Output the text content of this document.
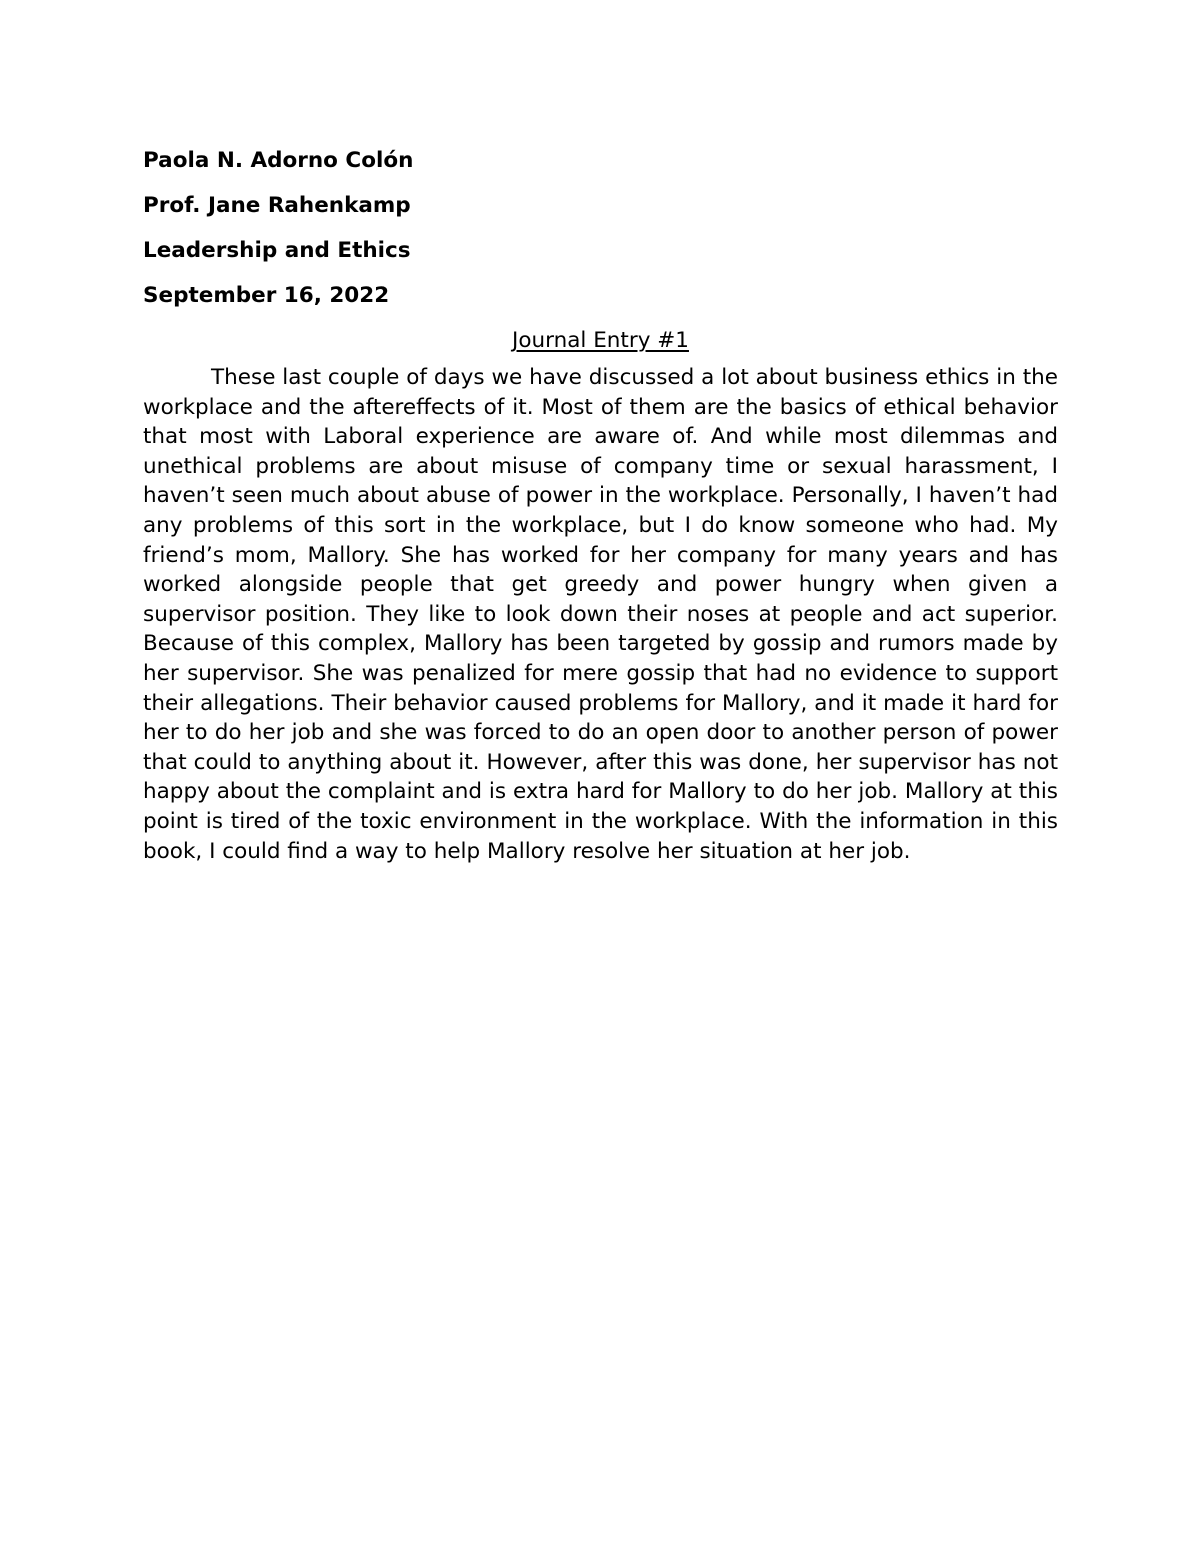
Paola N. Adorno Colón
Prof. Jane Rahenkamp
Leadership and Ethics
September 16, 2022
Journal Entry #1

These last couple of days we have discussed a lot about business ethics in the workplace and the aftereffects of it. Most of them are the basics of ethical behavior that most with Laboral experience are aware of. And while most dilemmas and unethical problems are about misuse of company time or sexual harassment, I haven’t seen much about abuse of power in the workplace. Personally, I haven’t had any problems of this sort in the workplace, but I do know someone who had. My friend’s mom, Mallory. She has worked for her company for many years and has worked alongside people that get greedy and power hungry when given a supervisor position. They like to look down their noses at people and act superior. Because of this complex, Mallory has been targeted by gossip and rumors made by her supervisor. She was penalized for mere gossip that had no evidence to support their allegations. Their behavior caused problems for Mallory, and it made it hard for her to do her job and she was forced to do an open door to another person of power that could to anything about it. However, after this was done, her supervisor has not happy about the complaint and is extra hard for Mallory to do her job. Mallory at this point is tired of the toxic environment in the workplace. With the information in this book, I could find a way to help Mallory resolve her situation at her job.
